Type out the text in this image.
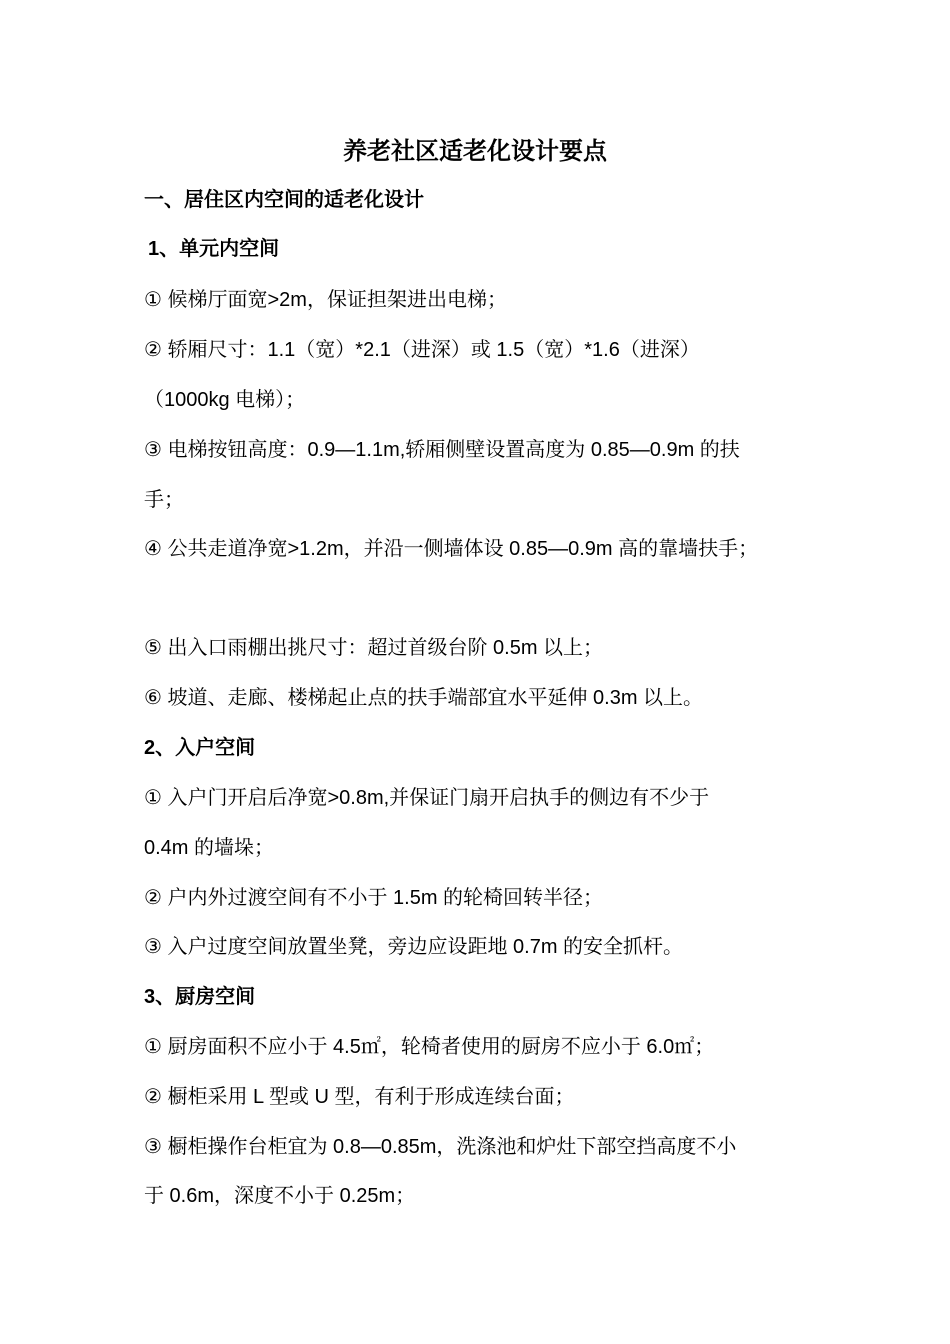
养老社区适老化设计要点
一、居住区内空间的适老化设计
1、单元内空间
① 候梯厅面宽>2m，保证担架进出电梯；
② 轿厢尺寸：1.1（宽）*2.1（进深）或 1.5（宽）*1.6（进深）
（1000kg 电梯）；
③ 电梯按钮高度：0.9—1.1m,轿厢侧壁设置高度为 0.85—0.9m 的扶
手；
④ 公共走道净宽>1.2m，并沿一侧墙体设 0.85—0.9m 高的靠墙扶手；
⑤ 出入口雨棚出挑尺寸：超过首级台阶 0.5m 以上；
⑥ 坡道、走廊、楼梯起止点的扶手端部宜水平延伸 0.3m 以上。
2、入户空间
① 入户门开启后净宽>0.8m,并保证门扇开启执手的侧边有不少于
0.4m 的墙垛；
② 户内外过渡空间有不小于 1.5m 的轮椅回转半径；
③ 入户过度空间放置坐凳，旁边应设距地 0.7m 的安全抓杆。
3、厨房空间
① 厨房面积不应小于 4.5㎡，轮椅者使用的厨房不应小于 6.0㎡；
② 橱柜采用 L 型或 U 型，有利于形成连续台面；
③ 橱柜操作台柜宜为 0.8—0.85m，洗涤池和炉灶下部空挡高度不小
于 0.6m，深度不小于 0.25m；
